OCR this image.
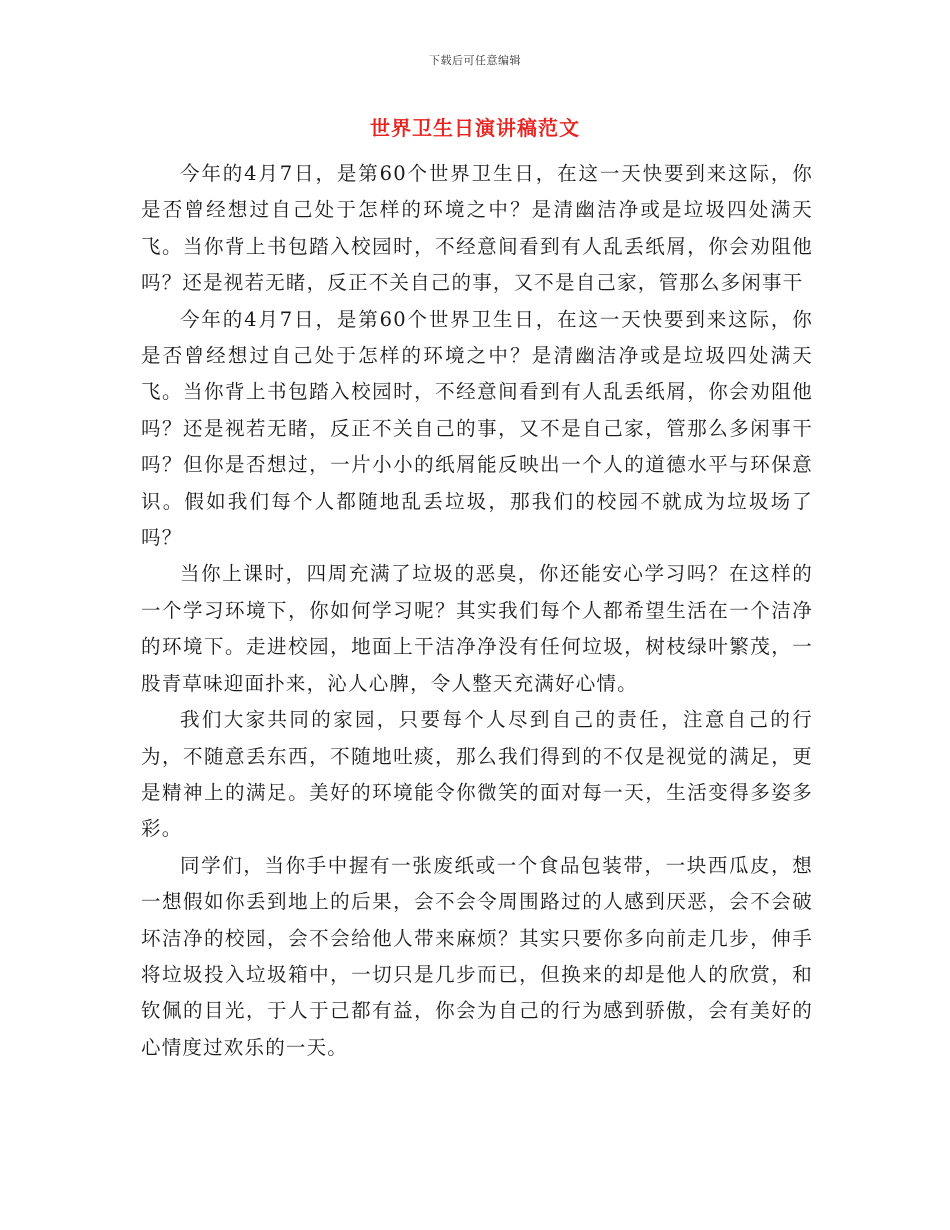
下载后可任意编辑
世界卫生日演讲稿范文

今年的4月7日，是第60个世界卫生日，在这一天快要到来这际，你是否曾经想过自己处于怎样的环境之中？是清幽洁净或是垃圾四处满天飞。当你背上书包踏入校园时，不经意间看到有人乱丢纸屑，你会劝阻他吗？还是视若无睹，反正不关自己的事，又不是自己家，管那么多闲事干

今年的4月7日，是第60个世界卫生日，在这一天快要到来这际，你是否曾经想过自己处于怎样的环境之中？是清幽洁净或是垃圾四处满天飞。当你背上书包踏入校园时，不经意间看到有人乱丢纸屑，你会劝阻他吗？还是视若无睹，反正不关自己的事，又不是自己家，管那么多闲事干吗？但你是否想过，一片小小的纸屑能反映出一个人的道德水平与环保意识。假如我们每个人都随地乱丢垃圾，那我们的校园不就成为垃圾场了吗？

当你上课时，四周充满了垃圾的恶臭，你还能安心学习吗？在这样的一个学习环境下，你如何学习呢？其实我们每个人都希望生活在一个洁净的环境下。走进校园，地面上干洁净净没有任何垃圾，树枝绿叶繁茂，一股青草味迎面扑来，沁人心脾，令人整天充满好心情。

我们大家共同的家园，只要每个人尽到自己的责任，注意自己的行为，不随意丢东西，不随地吐痰，那么我们得到的不仅是视觉的满足，更是精神上的满足。美好的环境能令你微笑的面对每一天，生活变得多姿多彩。

同学们，当你手中握有一张废纸或一个食品包装带，一块西瓜皮，想一想假如你丢到地上的后果，会不会令周围路过的人感到厌恶，会不会破坏洁净的校园，会不会给他人带来麻烦？其实只要你多向前走几步，伸手将垃圾投入垃圾箱中，一切只是几步而已，但换来的却是他人的欣赏，和钦佩的目光，于人于己都有益，你会为自己的行为感到骄傲，会有美好的心情度过欢乐的一天。
